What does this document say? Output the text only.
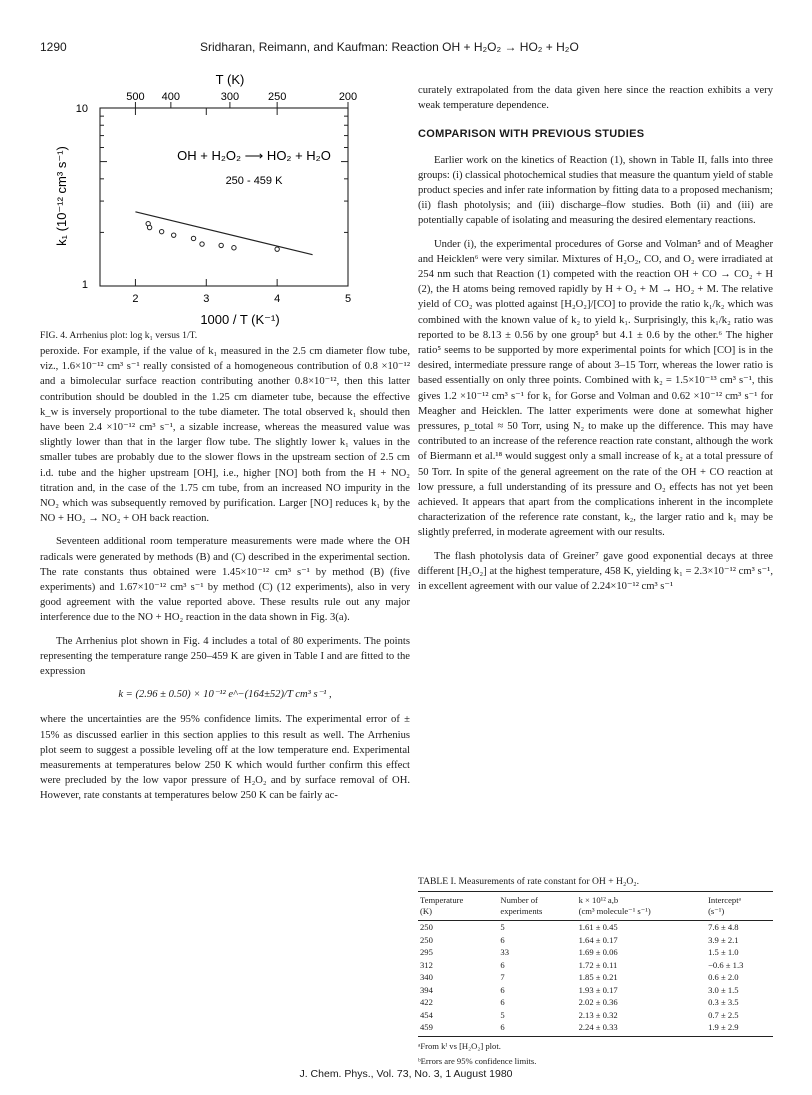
1290	Sridharan, Reimann, and Kaufman: Reaction OH + H₂O₂ → HO₂ + H₂O
T (K)
10
1
k₁ (10⁻¹² cm³ s⁻¹)	OH + H₂O₂ ⟶ HO₂ + H₂O
250 - 459 K
1000 / T (K⁻¹)
2	3	4	5
500 400	300	250	200
FIG. 4. Arrhenius plot: log k₁ versus 1/T.

peroxide. For example, if the value of k₁ measured in the 2.5 cm diameter flow tube, viz., 1.6×10⁻¹² cm³ s⁻¹ really consisted of a homogeneous contribution of 0.8 ×10⁻¹² and a bimolecular surface reaction contributing another 0.8×10⁻¹², then this latter contribution should be doubled in the 1.25 cm diameter tube, because the effective k_w is inversely proportional to the tube diameter. The total observed k₁ should then have been 2.4 ×10⁻¹² cm³ s⁻¹, a sizable increase, whereas the measured value was slightly lower than that in the larger flow tube. The slightly lower k₁ values in the smaller tubes are probably due to the slower flows in the upstream section of 2.5 cm i.d. tube and the higher upstream [OH], i.e., higher [NO] both from the H + NO₂ titration and, in the case of the 1.75 cm tube, from an increased NO impurity in the NO₂ which was subsequently removed by purification. Larger [NO] reduces k₁ by the NO + HO₂ → NO₂ + OH back reaction.

Seventeen additional room temperature measurements were made where the OH radicals were generated by methods (B) and (C) described in the experimental section. The rate constants thus obtained were 1.45×10⁻¹² cm³ s⁻¹ by method (B) (five experiments) and 1.67×10⁻¹² cm³ s⁻¹ by method (C) (12 experiments), also in very good agreement with the value reported above. These results rule out any major interference due to the NO + HO₂ reaction in the data shown in Fig. 3(a).

The Arrhenius plot shown in Fig. 4 includes a total of 80 experiments. The points representing the temperature range 250–459 K are given in Table I and are fitted to the expression

k = (2.96 ± 0.50) × 10⁻¹² e^−(164±52)/T cm³ s⁻¹ ,

where the uncertainties are the 95% confidence limits. The experimental error of ± 15% as discussed earlier in this section applies to this result as well. The Arrhenius plot seem to suggest a possible leveling off at the low temperature end. Experimental measurements at temperatures below 250 K which would further confirm this effect were precluded by the low vapor pressure of H₂O₂ and by surface removal of OH. However, rate constants at temperatures below 250 K can be fairly ac-

curately extrapolated from the data given here since the reaction exhibits a very weak temperature dependence.

COMPARISON WITH PREVIOUS STUDIES

Earlier work on the kinetics of Reaction (1), shown in Table II, falls into three groups: (i) classical photochemical studies that measure the quantum yield of stable product species and infer rate information by fitting data to a proposed mechanism; (ii) flash photolysis; and (iii) discharge–flow studies. Both (ii) and (iii) are potentially capable of isolating and measuring the desired elementary reactions.

Under (i), the experimental procedures of Gorse and Volman⁵ and of Meagher and Heicklen⁶ were very similar. Mixtures of H₂O₂, CO, and O₂ were irradiated at 254 nm such that Reaction (1) competed with the reaction OH + CO → CO₂ + H (2), the H atoms being removed rapidly by H + O₂ + M → HO₂ + M. The relative yield of CO₂ was plotted against [H₂O₂]/[CO] to provide the ratio k₁/k₂ which was combined with the known value of k₂ to yield k₁. Surprisingly, this k₁/k₂ ratio was reported to be 8.13 ± 0.56 by one group⁵ but 4.1 ± 0.6 by the other.⁶ The higher ratio⁵ seems to be supported by more experimental points for which [CO] is in the desired, intermediate pressure range of about 3–15 Torr, whereas the lower ratio is based essentially on only three points. Combined with k₂ = 1.5×10⁻¹³ cm³ s⁻¹, this gives 1.2 ×10⁻¹² cm³ s⁻¹ for k₁ for Gorse and Volman and 0.62 ×10⁻¹² cm³ s⁻¹ for Meagher and Heicklen. The latter experiments were done at somewhat higher pressures, p_total ≈ 50 Torr, using N₂ to make up the difference. This may have contributed to an increase of the reference reaction rate constant, although the work of Biermann et al.¹⁸ would suggest only a small increase of k₂ at a total pressure of 50 Torr. In spite of the general agreement on the rate of the OH + CO reaction at low pressure, a full understanding of its pressure and O₂ effects has not yet been achieved. It appears that apart from the complications inherent in the incomplete characterization of the reference rate constant, k₂, the larger ratio and k₁ may be slightly preferred, in moderate agreement with our results.

The flash photolysis data of Greiner⁷ gave good exponential decays at three different [H₂O₂] at the highest temperature, 458 K, yielding k₁ = 2.3×10⁻¹² cm³ s⁻¹, in excellent agreement with our value of 2.24×10⁻¹² cm³ s⁻¹

TABLE I. Measurements of rate constant for OH + H₂O₂.
Temperature
(K)	Number of
experiments	k × 10¹² a,b
(cm³ molecule⁻¹ s⁻¹)	Interceptᵃ
(s⁻¹)
250	5	1.61 ± 0.45	7.6 ± 4.8
250	6	1.64 ± 0.17	3.9 ± 2.1
295	33	1.69 ± 0.06	1.5 ± 1.0
312	6	1.72 ± 0.11	−0.6 ± 1.3
340	7	1.85 ± 0.21	0.6 ± 2.0
394	6	1.93 ± 0.17	3.0 ± 1.5
422	6	2.02 ± 0.36	0.3 ± 3.5
454	5	2.13 ± 0.32	0.7 ± 2.5
459	6	2.24 ± 0.33	1.9 ± 2.9
ᵃFrom kᴵ vs [H₂O₂] plot.
ᵇErrors are 95% confidence limits.
J. Chem. Phys., Vol. 73, No. 3, 1 August 1980
